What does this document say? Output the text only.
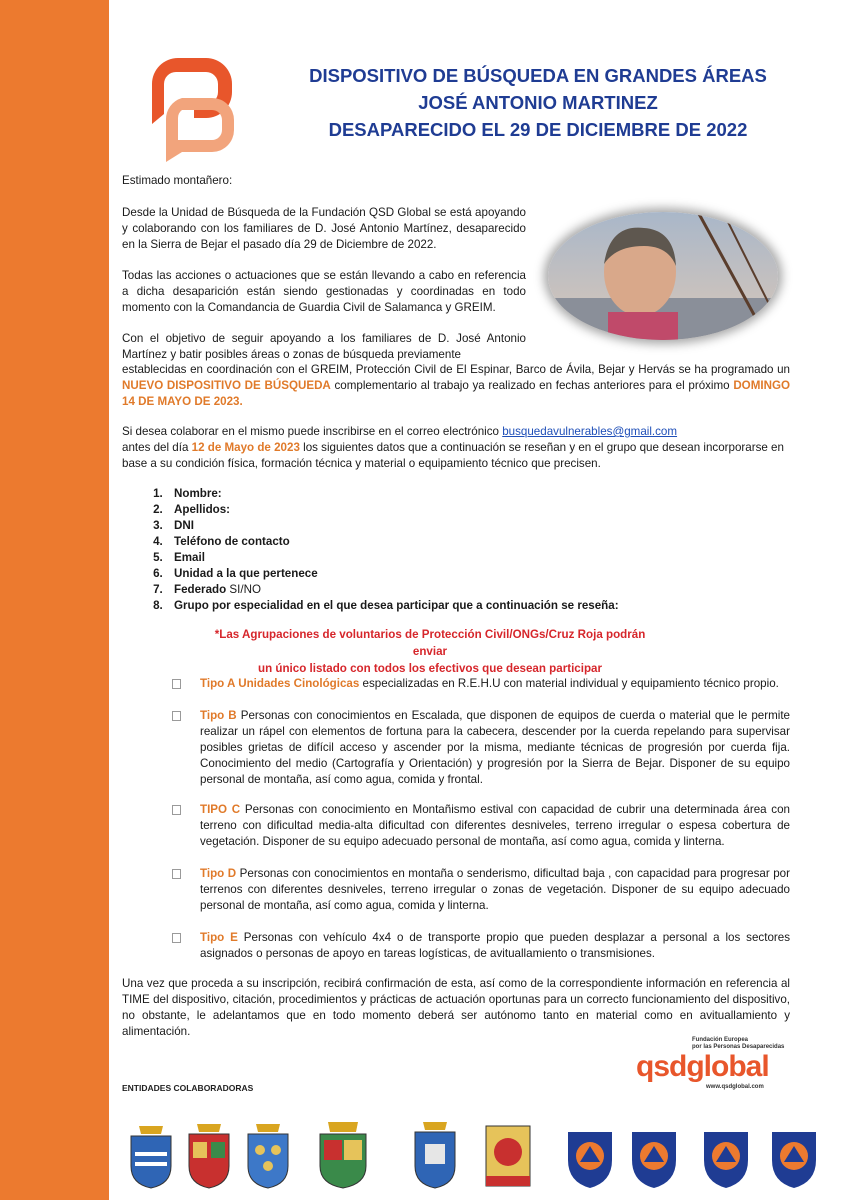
DISPOSITIVO DE BÚSQUEDA EN GRANDES ÁREAS
JOSÉ ANTONIO MARTINEZ
DESAPARECIDO EL 29 DE DICIEMBRE DE 2022
Estimado montañero:
Desde la Unidad de Búsqueda de la Fundación QSD Global se está apoyando y colaborando con los familiares de D. José Antonio Martínez, desaparecido en la Sierra de Bejar el pasado día 29 de Diciembre de 2022.
Todas las acciones o actuaciones que se están llevando a cabo en referencia a dicha desaparición están siendo gestionadas y coordinadas en todo momento con la Comandancia de Guardia Civil de Salamanca y GREIM.
Con el objetivo de seguir apoyando a los familiares de D. José Antonio Martínez y batir posibles áreas o zonas de búsqueda previamente
establecidas en coordinación con el GREIM, Protección Civil de El Espinar, Barco de Ávila, Bejar y Hervás se ha programado un NUEVO DISPOSITIVO DE BÚSQUEDA complementario al trabajo ya realizado en fechas anteriores para el próximo DOMINGO 14 DE MAYO DE 2023.
Si desea colaborar en el mismo puede inscribirse en el correo electrónico busquedavulnerables@gmail.com
antes del día 12 de Mayo de 2023 los siguientes datos que a continuación se reseñan y en el grupo que desean incorporarse en base a su condición física, formación técnica y material o equipamiento técnico que precisen.
1. Nombre:
2. Apellidos:
3. DNI
4. Teléfono de contacto
5. Email
6. Unidad a la que pertenece
7. Federado SI/NO
8. Grupo por especialidad en el que desea participar que a continuación se reseña:
*Las Agrupaciones de voluntarios de Protección Civil/ONGs/Cruz Roja podrán enviar
un único listado con todos los efectivos que desean participar
Tipo A Unidades Cinológicas especializadas en R.E.H.U con material individual y equipamiento técnico propio.
Tipo B Personas con conocimientos en Escalada, que disponen de equipos de cuerda o material que le permite realizar un rápel con elementos de fortuna para la cabecera, descender por la cuerda repelando para supervisar posibles grietas de difícil acceso y ascender por la misma, mediante técnicas de progresión por cuerda fija. Conocimiento del medio (Cartografía y Orientación) y progresión por la Sierra de Bejar. Disponer de su equipo personal de montaña, así como agua, comida y frontal.
TIPO C Personas con conocimiento en Montañismo estival con capacidad de cubrir una determinada área con terreno con dificultad media-alta dificultad con diferentes desniveles, terreno irregular o espesa cobertura de vegetación. Disponer de su equipo adecuado personal de montaña, así como agua, comida y linterna.
Tipo D Personas con conocimientos en montaña o senderismo, dificultad baja , con capacidad para progresar por terrenos con diferentes desniveles, terreno irregular o zonas de vegetación. Disponer de su equipo adecuado personal de montaña, así como agua, comida y linterna.
Tipo E Personas con vehículo 4x4 o de transporte propio que pueden desplazar a personal a los sectores asignados o personas de apoyo en tareas logísticas, de avituallamiento o transmisiones.
Una vez que proceda a su inscripción, recibirá confirmación de esta, así como de la correspondiente información en referencia al TIME del dispositivo, citación, procedimientos y prácticas de actuación oportunas para un correcto funcionamiento del dispositivo, no obstante, le adelantamos que en todo momento deberá ser autónomo tanto en material como en avituallamiento y alimentación.
Fundación Europea
por las Personas Desaparecidas
qsdglobal
www.qsdglobal.com
ENTIDADES COLABORADORAS
